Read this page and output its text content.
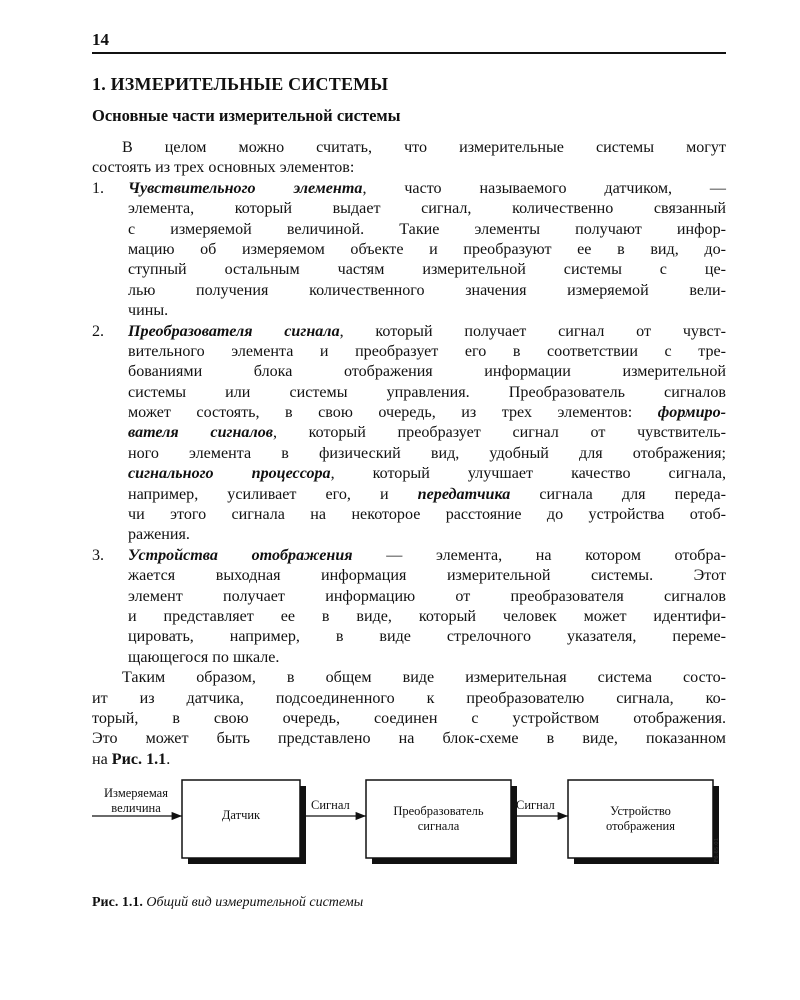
14
1. ИЗМЕРИТЕЛЬНЫЕ СИСТЕМЫ
Основные части измерительной системы
В целом можно считать, что измерительные системы могут
состоять из трех основных элементов:
1. Чувствительного элемента, часто называемого датчиком, —
элемента, который выдает сигнал, количественно связанный
с измеряемой величиной. Такие элементы получают инфор-
мацию об измеряемом объекте и преобразуют ее в вид, до-
ступный остальным частям измерительной системы с це-
лью получения количественного значения измеряемой вели-
чины.
2. Преобразователя сигнала, который получает сигнал от чувст-
вительного элемента и преобразует его в соответствии с тре-
бованиями блока отображения информации измерительной
системы или системы управления. Преобразователь сигналов
может состоять, в свою очередь, из трех элементов: формиро-
вателя сигналов, который преобразует сигнал от чувствитель-
ного элемента в физический вид, удобный для отображения;
сигнального процессора, который улучшает качество сигнала,
например, усиливает его, и передатчика сигнала для переда-
чи этого сигнала на некоторое расстояние до устройства отоб-
ражения.
3. Устройства отображения — элемента, на котором отобра-
жается выходная информация измерительной системы. Этот
элемент получает информацию от преобразователя сигналов
и представляет ее в виде, который человек может идентифи-
цировать, например, в виде стрелочного указателя, переме-
щающегося по шкале.
Таким образом, в общем виде измерительная система состо-
ит из датчика, подсоединенного к преобразователю сигнала, ко-
торый, в свою очередь, соединен с устройством отображения.
Это может быть представлено на блок-схеме в виде, показанном
на Рис. 1.1.
Измеряемая
величина	Датчик
Сигнал	Преобразователь
сигнала
Сигнал	Устройство
отображения
F6.65.01
Рис. 1.1. Общий вид измерительной системы
